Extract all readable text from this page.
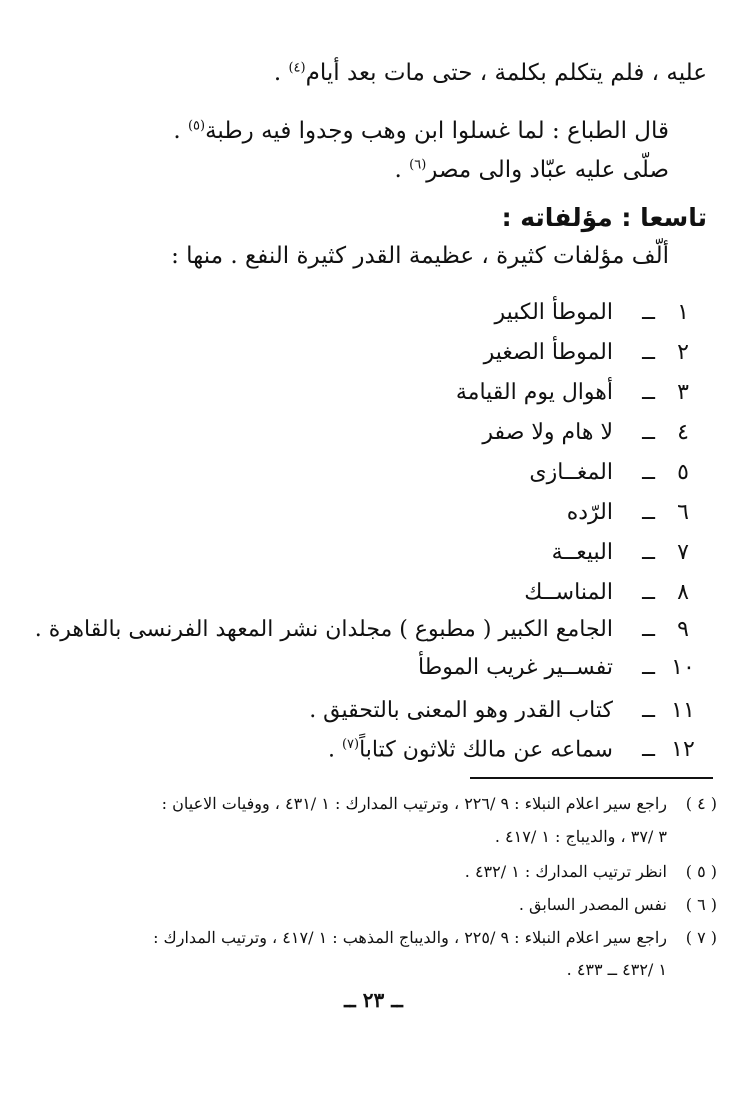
عليه ، فلم يتكلم بكلمة ، حتى مات بعد أيام$^{(٤)}$ .
قال الطباع : لما غسلوا ابن وهب وجدوا فيه رطبة$^{(٥)}$ .
صلّى عليه عبّاد والى مصر$^{(٦)}$ .
تاسعا : مؤلفاته :
ألّف مؤلفات كثيرة ، عظيمة القدر كثيرة النفع . منها :
١
ــ
الموطأ الكبير
٢
ــ
الموطأ الصغير
٣
ــ
أهوال يوم القيامة
٤
ــ
لا هام ولا صفر
٥
ــ
المغــازى
٦
ــ
الرّده
٧
ــ
البيعــة
٨
ــ
المناســك
٩
ــ
الجامع الكبير ( مطبوع ) مجلدان نشر المعهد الفرنسى بالقاهرة .
١٠
ــ
تفســير غريب الموطأ
١١
ــ
كتاب القدر وهو المعنى بالتحقيق .
١٢
ــ
سماعه عن مالك ثلاثون كتاباً$^{(٧)}$ .
( ٤ )
راجع سير اعلام النبلاء : ٩ /٢٢٦ ، وترتيب المدارك : ١ /٤٣١ ، ووفيات الاعيان :
٣ /٣٧ ، والديباج : ١ /٤١٧ .
( ٥ )
انظر ترتيب المدارك : ١ /٤٣٢ .
( ٦ )
نفس المصدر السابق .
( ٧ )
راجع سير اعلام النبلاء : ٩ /٢٢٥ ، والديباج المذهب : ١ /٤١٧ ، وترتيب المدارك :
١ /٤٣٢ ــ ٤٣٣ .
ــ ٢٣ ــ
